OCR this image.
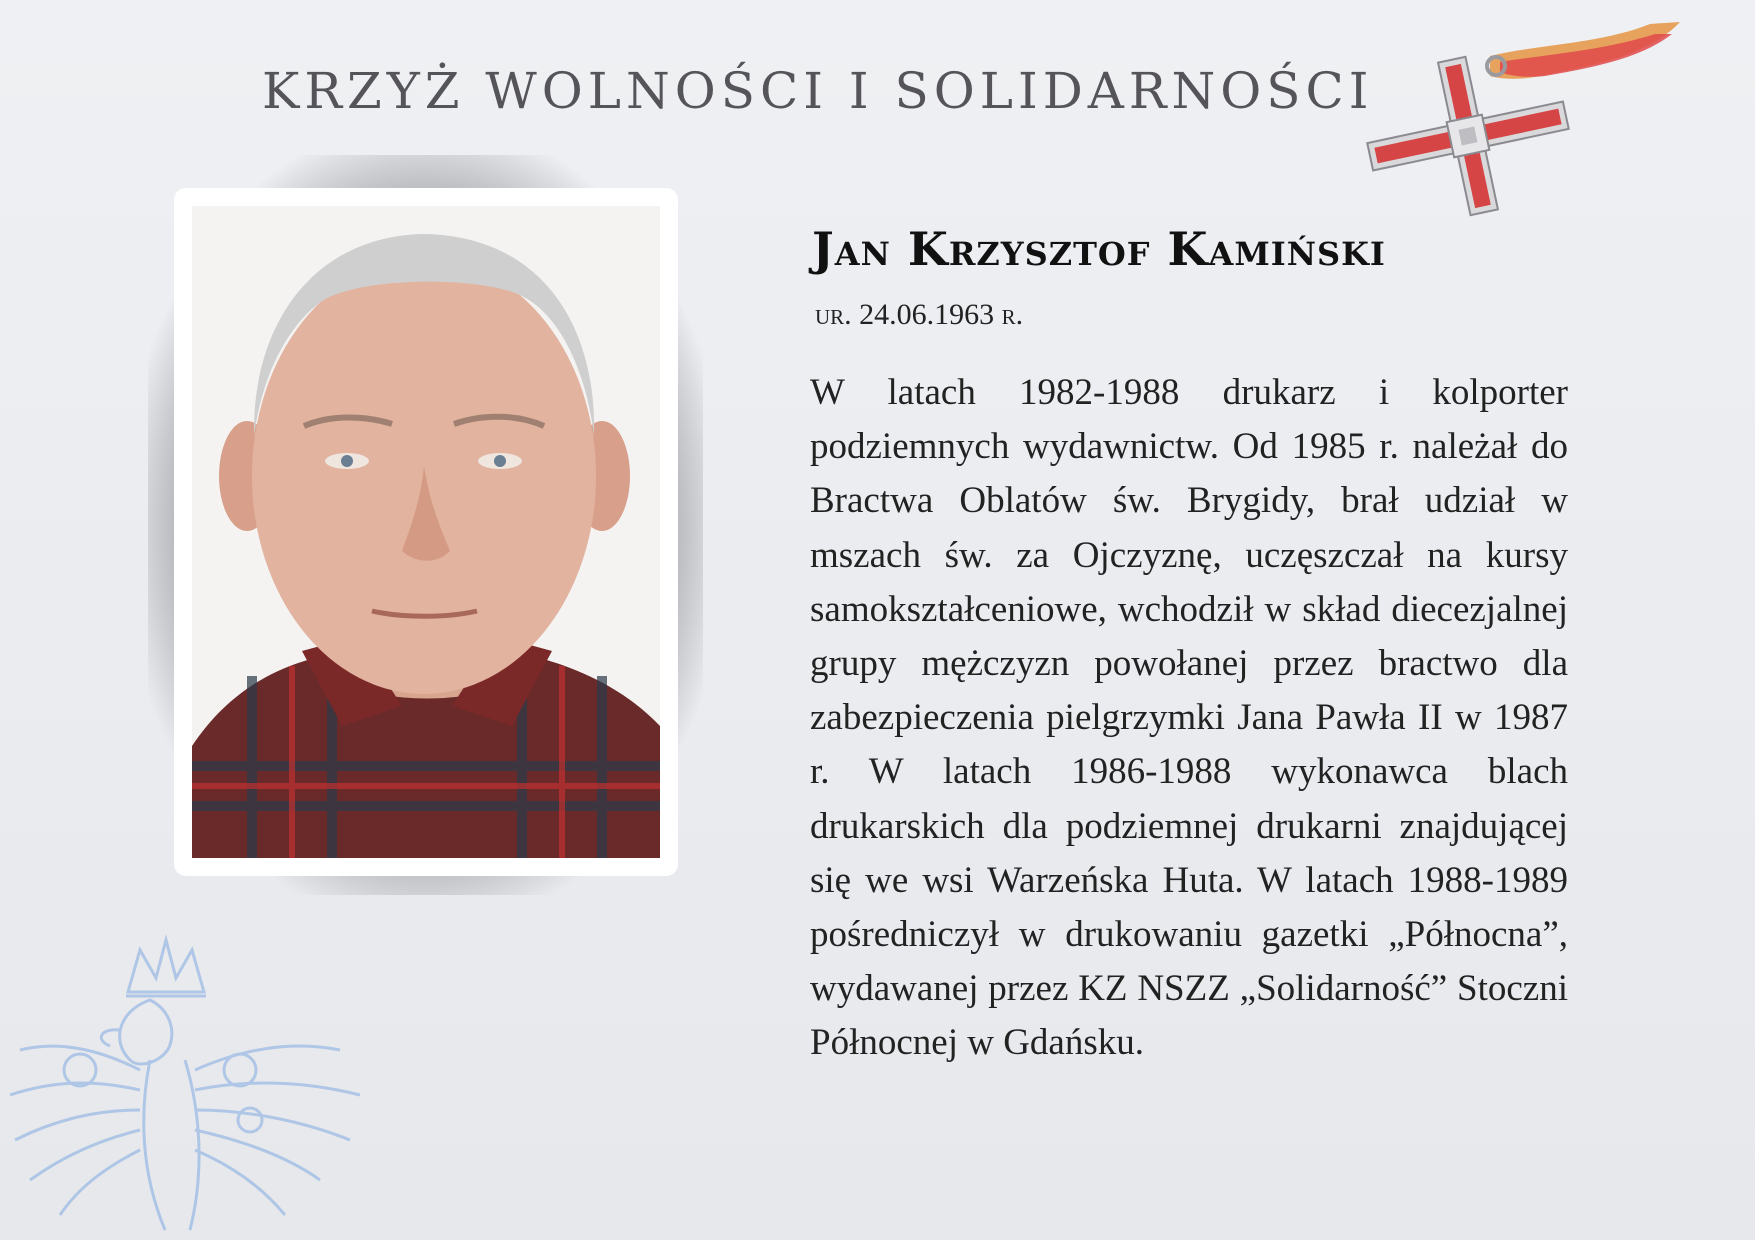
KRZYŻ WOLNOŚCI I SOLIDARNOŚCI
Jan Krzysztof Kamiński
ur. 24.06.1963 r.
W latach 1982-1988 drukarz i kolporter podziemnych wydawnictw. Od 1985 r. należał do Bractwa Oblatów św. Brygidy, brał udział w mszach św. za Ojczyznę, uczęszczał na kursy samokształceniowe, wchodził w skład diecezjalnej grupy mężczyzn powołanej przez bractwo dla zabezpieczenia pielgrzymki Jana Pawła II w 1987 r. W latach 1986-1988 wykonawca blach drukarskich dla podziemnej drukarni znajdującej się we wsi Warzeńska Huta. W latach 1988-1989 pośredniczył w drukowaniu gazetki „Północna”, wydawanej przez KZ NSZZ „Solidarność” Stoczni Północnej w Gdańsku.
